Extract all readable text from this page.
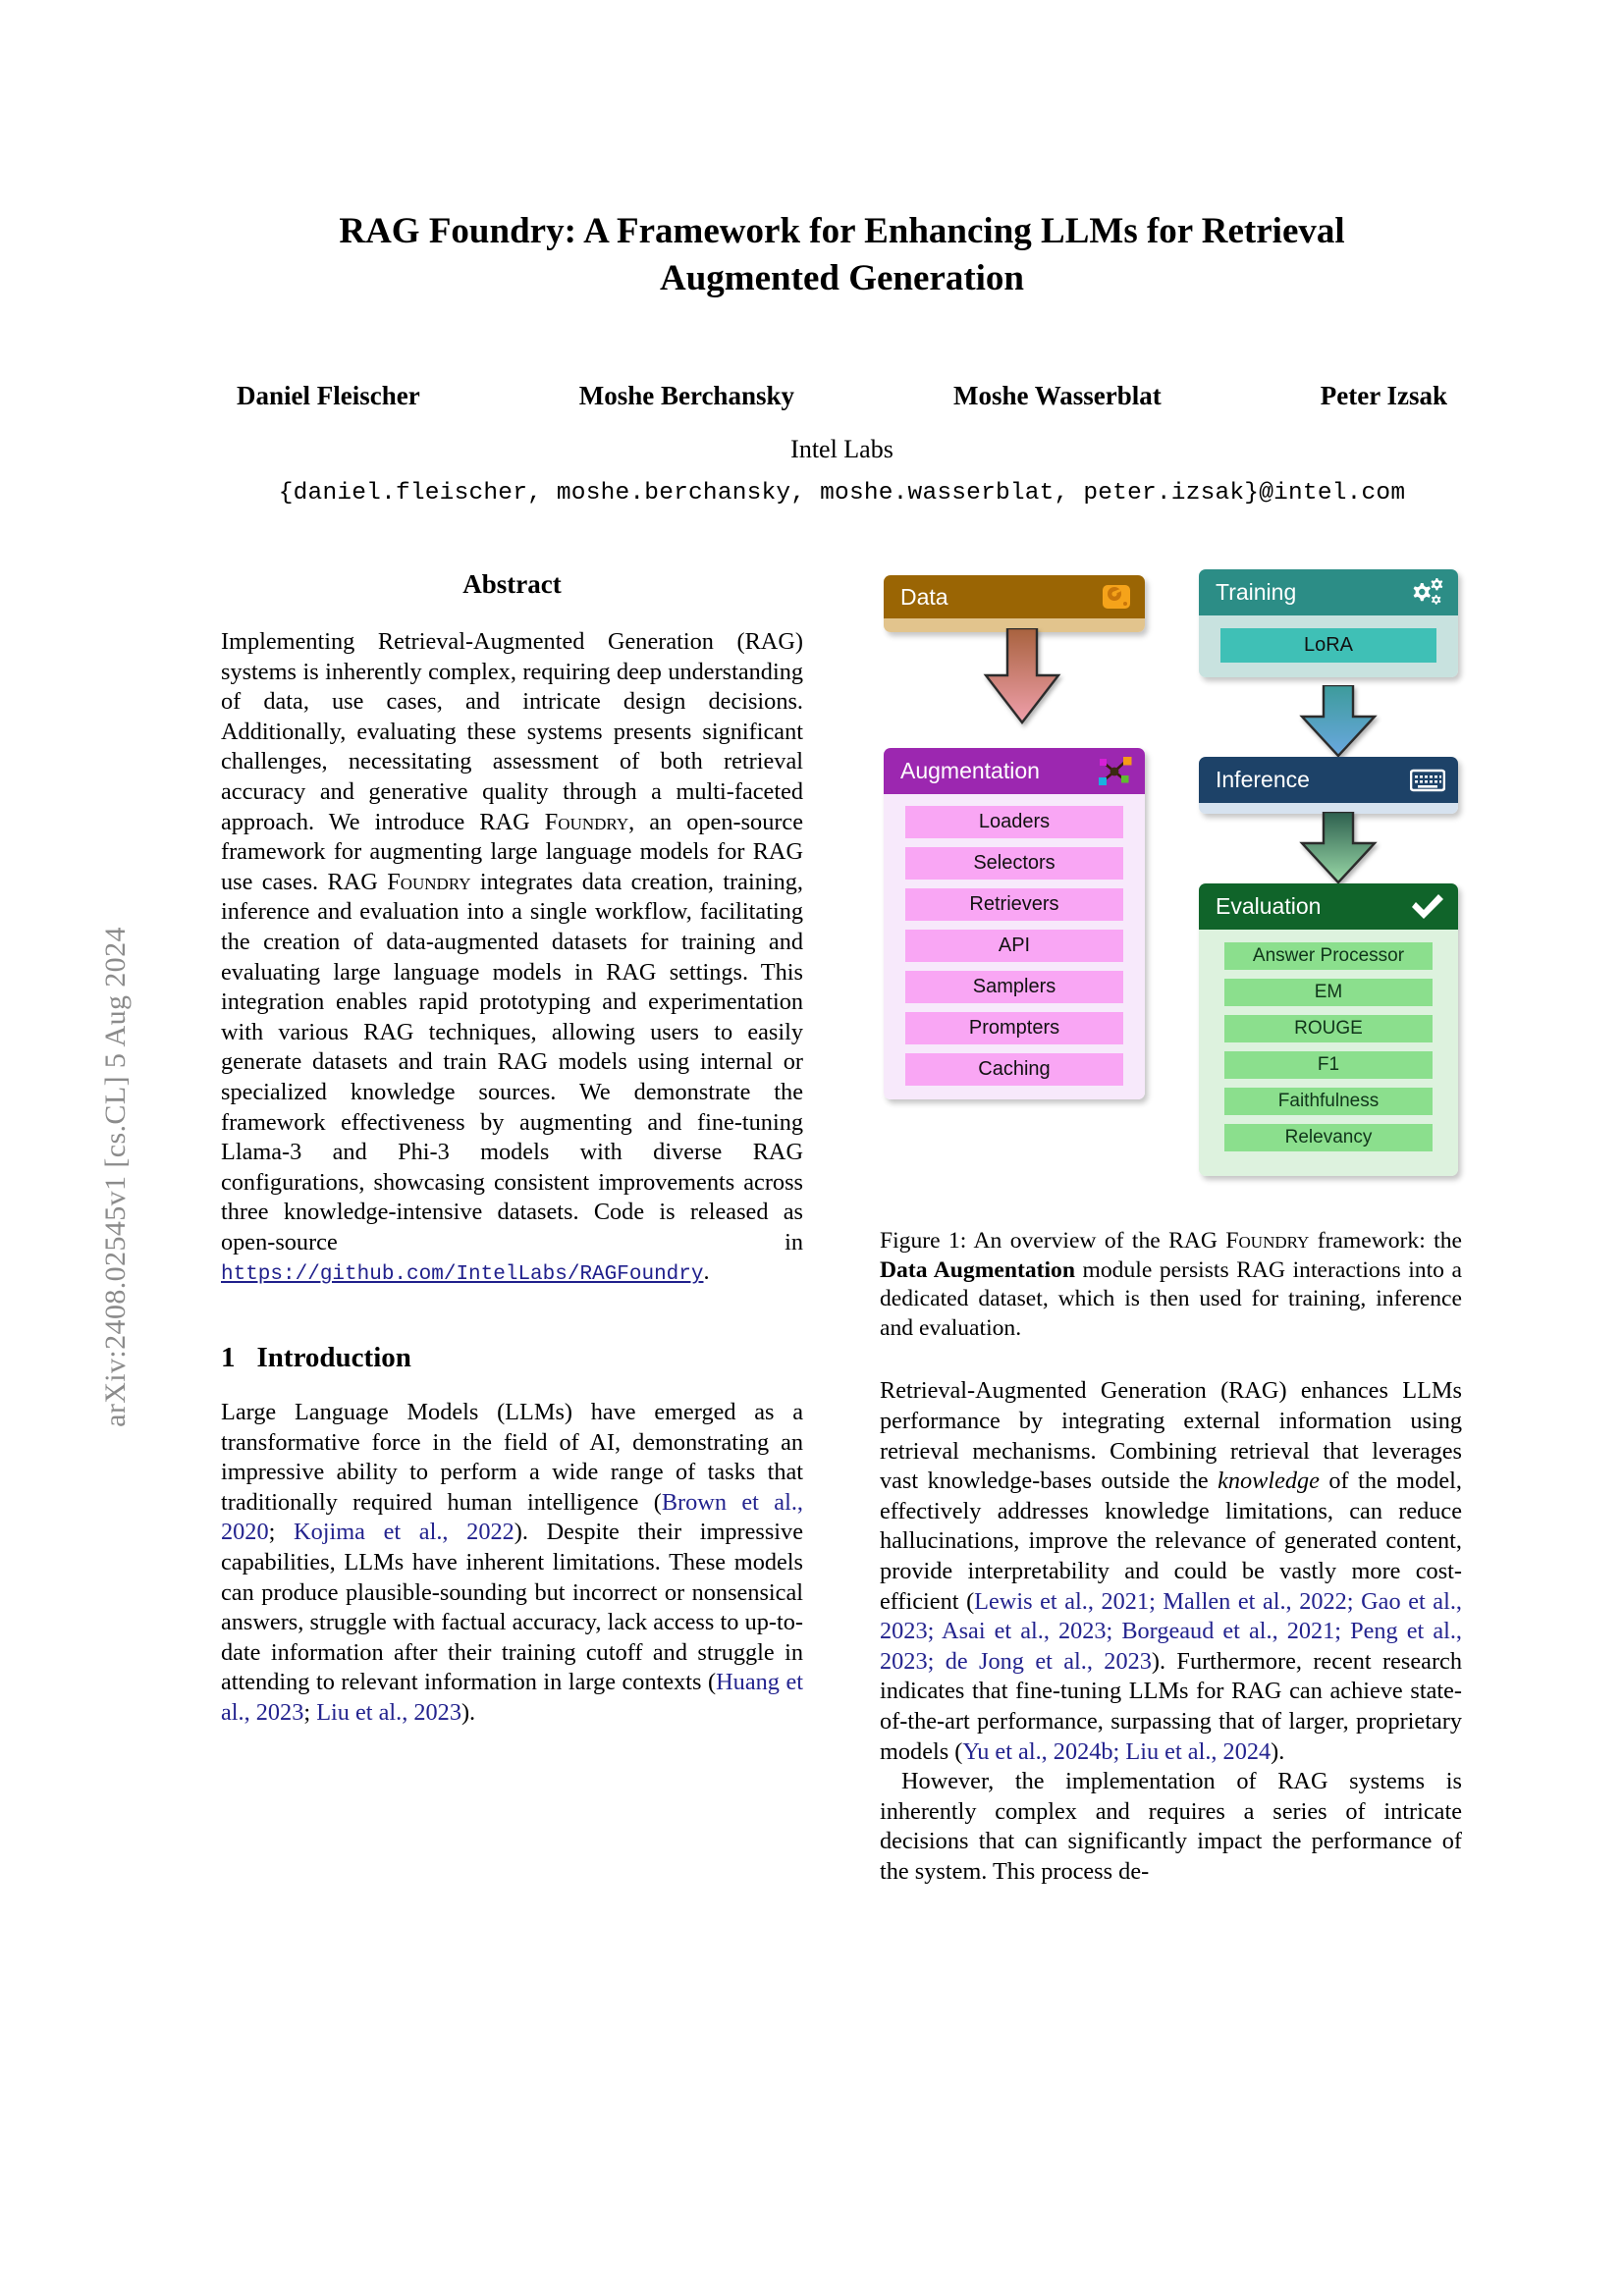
arXiv:2408.02545v1 [cs.CL] 5 Aug 2024
RAG Foundry: A Framework for Enhancing LLMs for Retrieval Augmented Generation
Daniel Fleischer	Moshe Berchansky	Moshe Wasserblat	Peter Izsak
Intel Labs
{daniel.fleischer, moshe.berchansky, moshe.wasserblat, peter.izsak}@intel.com
Abstract

Implementing Retrieval-Augmented Generation (RAG) systems is inherently complex, requiring deep understanding of data, use cases, and intricate design decisions. Additionally, evaluating these systems presents significant challenges, necessitating assessment of both retrieval accuracy and generative quality through a multi-faceted approach. We introduce RAG Foundry, an open-source framework for augmenting large language models for RAG use cases. RAG Foundry integrates data creation, training, inference and evaluation into a single workflow, facilitating the creation of data-augmented datasets for training and evaluating large language models in RAG settings. This integration enables rapid prototyping and experimentation with various RAG techniques, allowing users to easily generate datasets and train RAG models using internal or specialized knowledge sources. We demonstrate the framework effectiveness by augmenting and fine-tuning Llama-3 and Phi-3 models with diverse RAG configurations, showcasing consistent improvements across three knowledge-intensive datasets. Code is released as open-source in https://github.com/IntelLabs/RAGFoundry.

1 Introduction

Large Language Models (LLMs) have emerged as a transformative force in the field of AI, demonstrating an impressive ability to perform a wide range of tasks that traditionally required human intelligence (Brown et al., 2020; Kojima et al., 2022). Despite their impressive capabilities, LLMs have inherent limitations. These models can produce plausible-sounding but incorrect or nonsensical answers, struggle with factual accuracy, lack access to up-to-date information after their training cutoff and struggle in attending to relevant information in large contexts (Huang et al., 2023; Liu et al., 2023).

Data
Augmentation
Loaders
Selectors
Retrievers
API
Samplers
Prompters
Caching
Training
LoRA
Inference
Evaluation
Answer Processor
EM
ROUGE
F1
Faithfulness
Relevancy

Figure 1: An overview of the RAG Foundry framework: the Data Augmentation module persists RAG interactions into a dedicated dataset, which is then used for training, inference and evaluation.

Retrieval-Augmented Generation (RAG) enhances LLMs performance by integrating external information using retrieval mechanisms. Combining retrieval that leverages vast knowledge-bases outside the knowledge of the model, effectively addresses knowledge limitations, can reduce hallucinations, improve the relevance of generated content, provide interpretability and could be vastly more cost-efficient (Lewis et al., 2021; Mallen et al., 2022; Gao et al., 2023; Asai et al., 2023; Borgeaud et al., 2021; Peng et al., 2023; de Jong et al., 2023). Furthermore, recent research indicates that fine-tuning LLMs for RAG can achieve state-of-the-art performance, surpassing that of larger, proprietary models (Yu et al., 2024b; Liu et al., 2024).

However, the implementation of RAG systems is inherently complex and requires a series of intricate decisions that can significantly impact the performance of the system. This process de-
